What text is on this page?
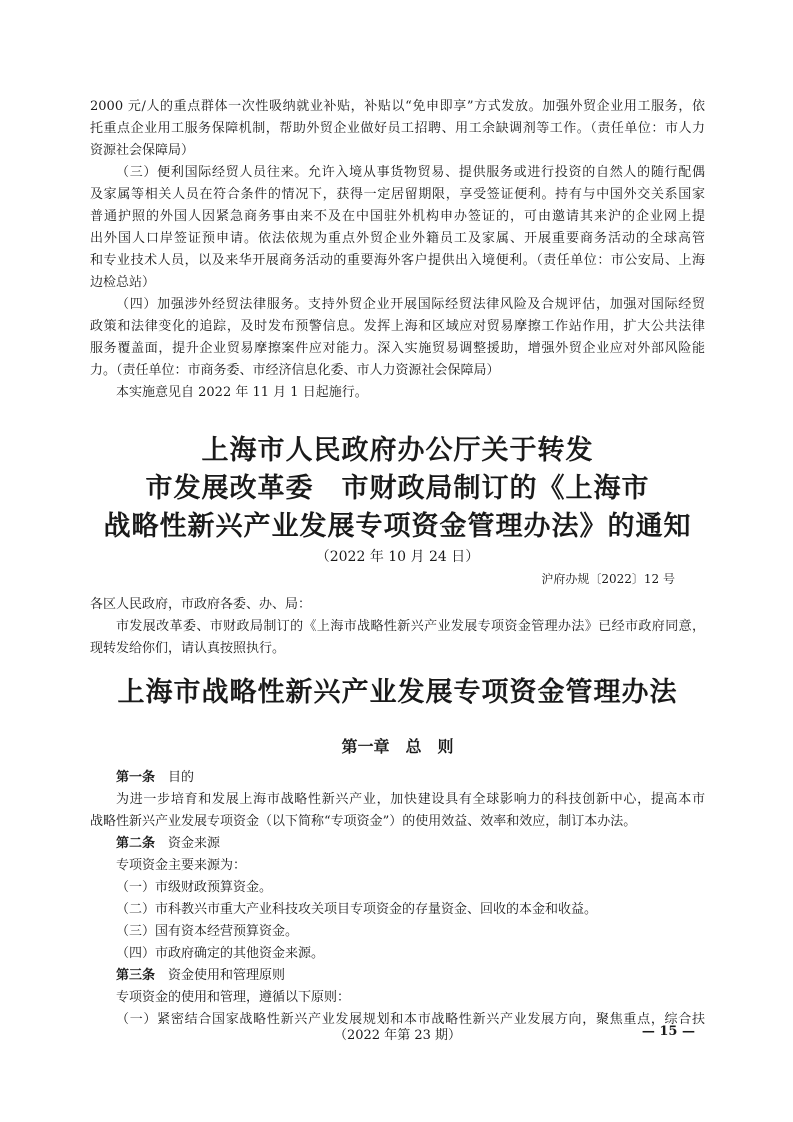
2000 元/人的重点群体一次性吸纳就业补贴，补贴以“免申即享”方式发放。加强外贸企业用工服务，依
托重点企业用工服务保障机制，帮助外贸企业做好员工招聘、用工余缺调剂等工作。（责任单位：市人力
资源社会保障局）
（三）便利国际经贸人员往来。允许入境从事货物贸易、提供服务或进行投资的自然人的随行配偶
及家属等相关人员在符合条件的情况下，获得一定居留期限，享受签证便利。持有与中国外交关系国家
普通护照的外国人因紧急商务事由来不及在中国驻外机构申办签证的，可由邀请其来沪的企业网上提
出外国人口岸签证预申请。依法依规为重点外贸企业外籍员工及家属、开展重要商务活动的全球高管
和专业技术人员，以及来华开展商务活动的重要海外客户提供出入境便利。（责任单位：市公安局、上海
边检总站）
（四）加强涉外经贸法律服务。支持外贸企业开展国际经贸法律风险及合规评估，加强对国际经贸
政策和法律变化的追踪，及时发布预警信息。发挥上海和区域应对贸易摩擦工作站作用，扩大公共法律
服务覆盖面，提升企业贸易摩擦案件应对能力。深入实施贸易调整援助，增强外贸企业应对外部风险能
力。（责任单位：市商务委、市经济信息化委、市人力资源社会保障局）
本实施意见自 2022 年 11 月 1 日起施行。
上海市人民政府办公厅关于转发
市发展改革委　市财政局制订的《上海市
战略性新兴产业发展专项资金管理办法》的通知
（2022 年 10 月 24 日）
沪府办规〔2022〕12 号
各区人民政府，市政府各委、办、局：
市发展改革委、市财政局制订的《上海市战略性新兴产业发展专项资金管理办法》已经市政府同意，
现转发给你们，请认真按照执行。
上海市战略性新兴产业发展专项资金管理办法
第一章　总　则
第一条　 目的
为进一步培育和发展上海市战略性新兴产业，加快建设具有全球影响力的科技创新中心，提高本市
战略性新兴产业发展专项资金（以下简称“专项资金”）的使用效益、效率和效应，制订本办法。
第二条　 资金来源
专项资金主要来源为：
（一）市级财政预算资金。
（二）市科教兴市重大产业科技攻关项目专项资金的存量资金、回收的本金和收益。
（三）国有资本经营预算资金。
（四）市政府确定的其他资金来源。
第三条　 资金使用和管理原则
专项资金的使用和管理，遵循以下原则：
（一）紧密结合国家战略性新兴产业发展规划和本市战略性新兴产业发展方向，聚焦重点，综合扶
（2022 年第 23 期）	— 15 —
